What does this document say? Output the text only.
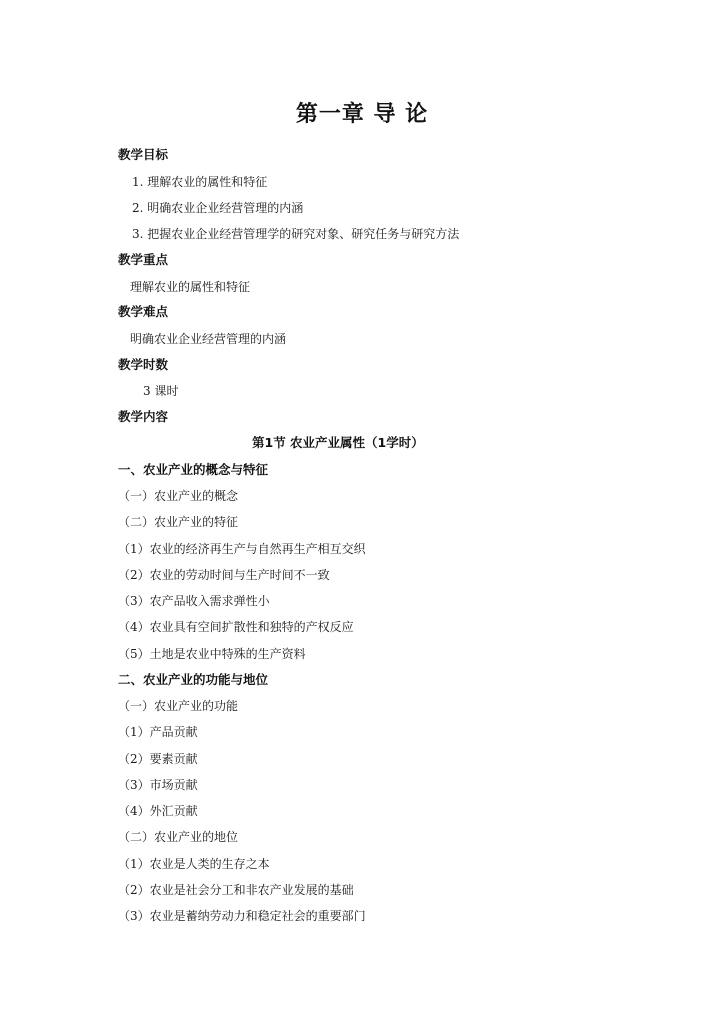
第一章 导 论
教学目标
1. 理解农业的属性和特征
2. 明确农业企业经营管理的内涵
3. 把握农业企业经营管理学的研究对象、研究任务与研究方法
教学重点
理解农业的属性和特征
教学难点
明确农业企业经营管理的内涵
教学时数
3 课时
教学内容
第1节 农业产业属性（1学时）
一、农业产业的概念与特征
（一）农业产业的概念
（二）农业产业的特征
（1）农业的经济再生产与自然再生产相互交织
（2）农业的劳动时间与生产时间不一致
（3）农产品收入需求弹性小
（4）农业具有空间扩散性和独特的产权反应
（5）土地是农业中特殊的生产资料
二、农业产业的功能与地位
（一）农业产业的功能
（1）产品贡献
（2）要素贡献
（3）市场贡献
（4）外汇贡献
（二）农业产业的地位
（1）农业是人类的生存之本
（2）农业是社会分工和非农产业发展的基础
（3）农业是蓄纳劳动力和稳定社会的重要部门
